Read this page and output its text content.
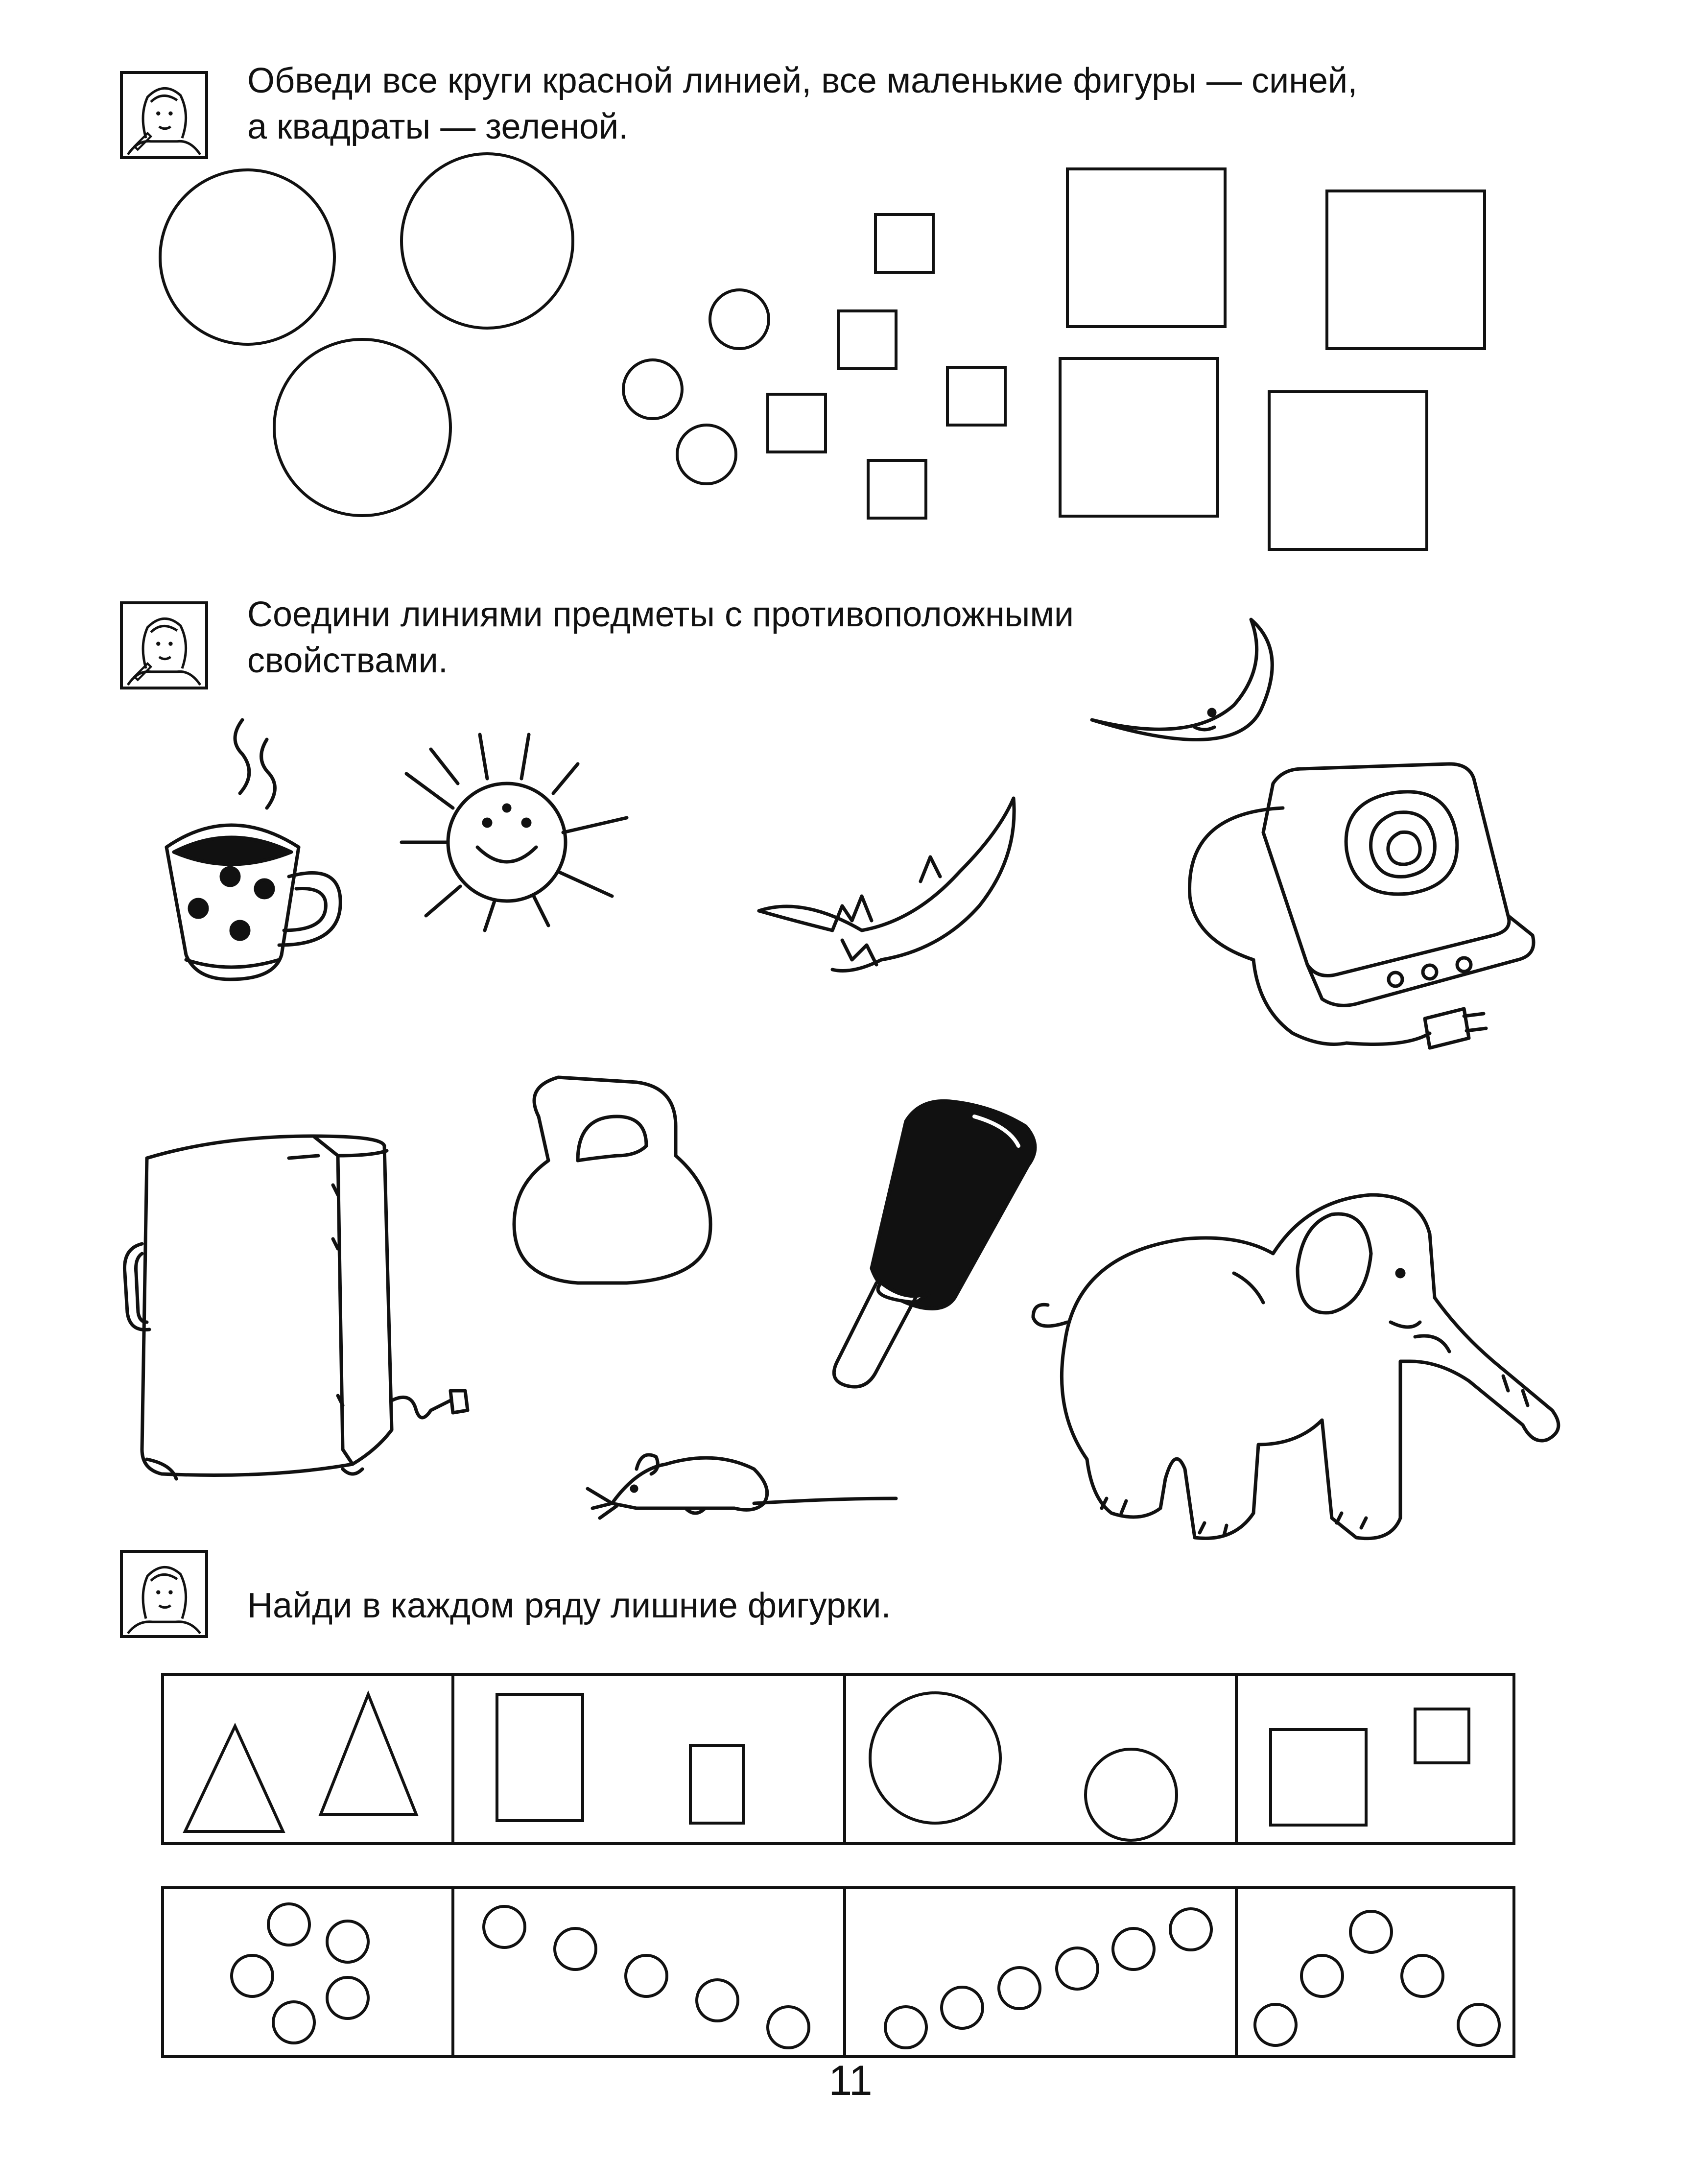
Обведи все круги красной линией, все маленькие фигуры — синей,
а квадраты — зеленой.
Соедини линиями предметы с противоположными
свойствами.
Найди в каждом ряду лишние фигурки.
11
